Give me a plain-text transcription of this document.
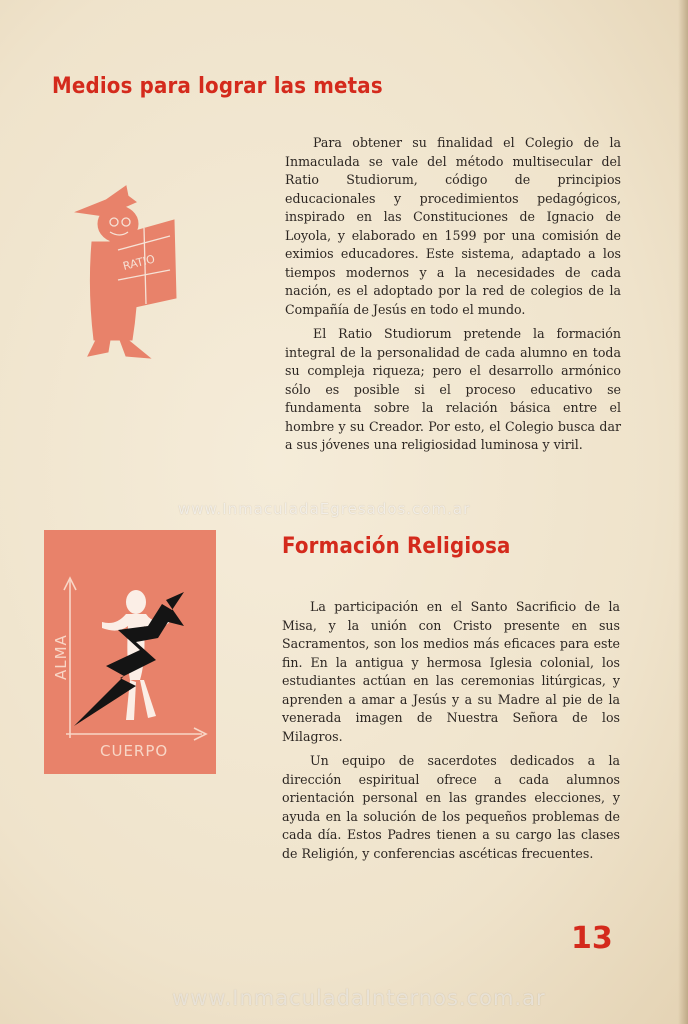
Medios para lograr las metas

Para obtener su finalidad el Colegio de la Inmaculada se vale del método multisecular del Ratio Studiorum, código de principios educacionales y procedimientos pedagógicos, inspirado en las Constituciones de Ignacio de Loyola, y elaborado en 1599 por una comisión de eximios educadores. Este sistema, adaptado a los tiempos modernos y a la necesidades de cada nación, es el adoptado por la red de colegios de la Compañía de Jesús en todo el mundo.

El Ratio Studiorum pretende la formación integral de la personalidad de cada alumno en toda su compleja riqueza; pero el desarrollo armónico sólo es posible si el proceso educativo se fundamenta sobre la relación básica entre el hombre y su Creador. Por esto, el Colegio busca dar a sus jóvenes una religiosidad luminosa y viril.

RATIO
Formación Religiosa
ALMA
CUERPO

La participación en el Santo Sacrificio de la Misa, y la unión con Cristo presente en sus Sacramentos, son los medios más eficaces para este fin. En la antigua y hermosa Iglesia colonial, los estudiantes actúan en las ceremonias litúrgicas, y aprenden a amar a Jesús y a su Madre al pie de la venerada imagen de Nuestra Señora de los Milagros.

Un equipo de sacerdotes dedicados a la dirección espiritual ofrece a cada alumnos orientación personal en las grandes elecciones, y ayuda en la solución de los pequeños problemas de cada día. Estos Padres tienen a su cargo las clases de Religión, y conferencias ascéticas frecuentes.

13

www.InmaculadaEgresados.com.ar

www.InmaculadaInternos.com.ar
